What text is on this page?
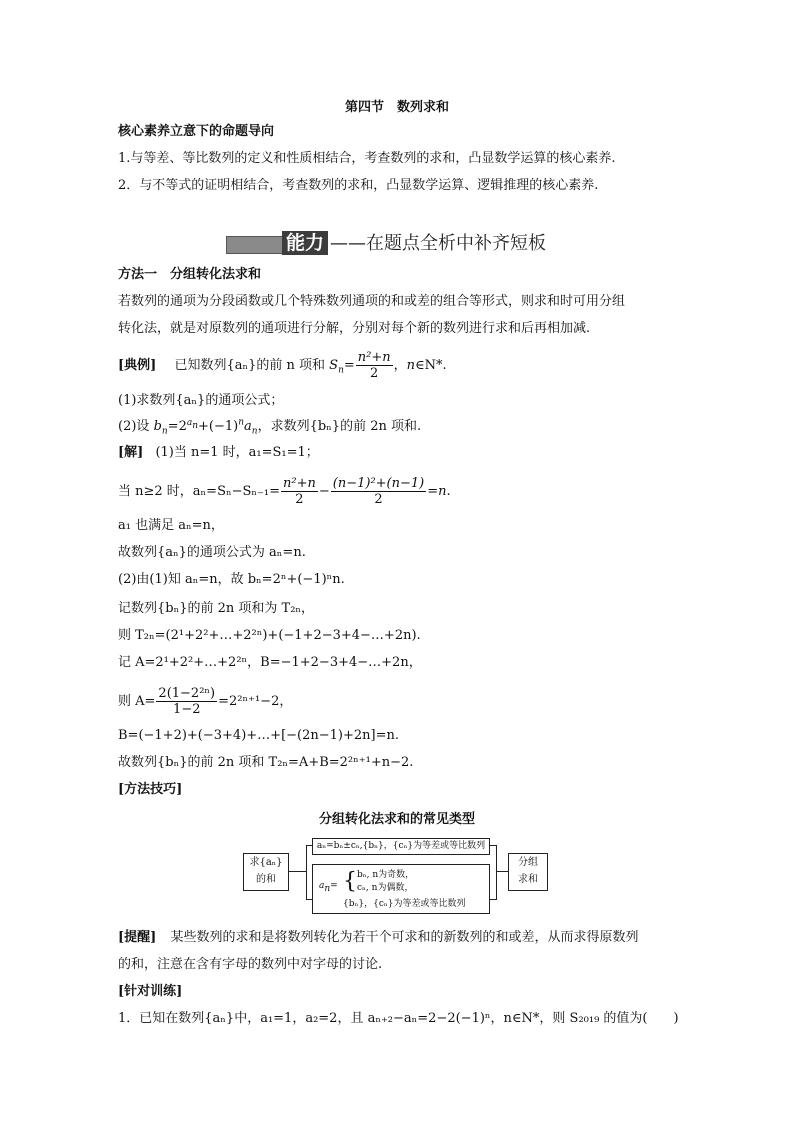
第四节　数列求和
核心素养立意下的命题导向
1.与等差、等比数列的定义和性质相结合，考查数列的求和，凸显数学运算的核心素养.
2．与不等式的证明相结合，考查数列的求和，凸显数学运算、逻辑推理的核心素养.
能力 ——在题点全析中补齐短板
方法一　分组转化法求和
若数列的通项为分段函数或几个特殊数列通项的和或差的组合等形式，则求和时可用分组
转化法，就是对原数列的通项进行分解，分别对每个新的数列进行求和后再相加减.
[典例] 已知数列{aₙ}的前 n 项和 $S_n= \frac{\text{n²+n}}{2}$ ，n∈N*.
(1)求数列{aₙ}的通项公式；
(2)设 $b_n=2^{a_n}+(-1)^na_n$，求数列{bₙ}的前 2n 项和.
[解] (1)当 n=1 时，a₁=S₁=1；
当 n≥2 时，$a_n=S_n-S_{n-1}= \frac{\text{n²+n}}{2} - \frac{\text{(n−1)²+(n−1)}}{2} =n$.
a₁ 也满足 aₙ=n，
故数列{aₙ}的通项公式为 aₙ=n.
(2)由(1)知 aₙ=n，故 bₙ=2ⁿ+(−1)ⁿn.
记数列{bₙ}的前 2n 项和为 T₂ₙ，
则 T₂ₙ=(2¹+2²+…+2²ⁿ)+(−1+2−3+4−…+2n).
记 A=2¹+2²+…+2²ⁿ，B=−1+2−3+4−…+2n，
则 $A= \frac{\text{2(1−2²ⁿ)}}{1-2} =2^{2n+1}-2$，
B=(−1+2)+(−3+4)+…+[−(2n−1)+2n]=n.
故数列{bₙ}的前 2n 项和 T₂ₙ=A+B=2²ⁿ⁺¹+n−2.
[方法技巧]
分组转化法求和的常见类型
求{aₙ}
的和
aₙ=bₙ±cₙ,{bₙ}，{cₙ}为等差或等比数列
$a_n=$ { bₙ, n为奇数，
cₙ, n为偶数，
{bₙ}，{cₙ}为等差或等比数列
分组
求和
[提醒] 某些数列的求和是将数列转化为若干个可求和的新数列的和或差，从而求得原数列
的和，注意在含有字母的数列中对字母的讨论.
[针对训练]
1．已知在数列{aₙ}中，a₁=1，a₂=2，且 aₙ₊₂−aₙ=2−2(−1)ⁿ，n∈N*，则 S₂₀₁₉ 的值为(　　)
